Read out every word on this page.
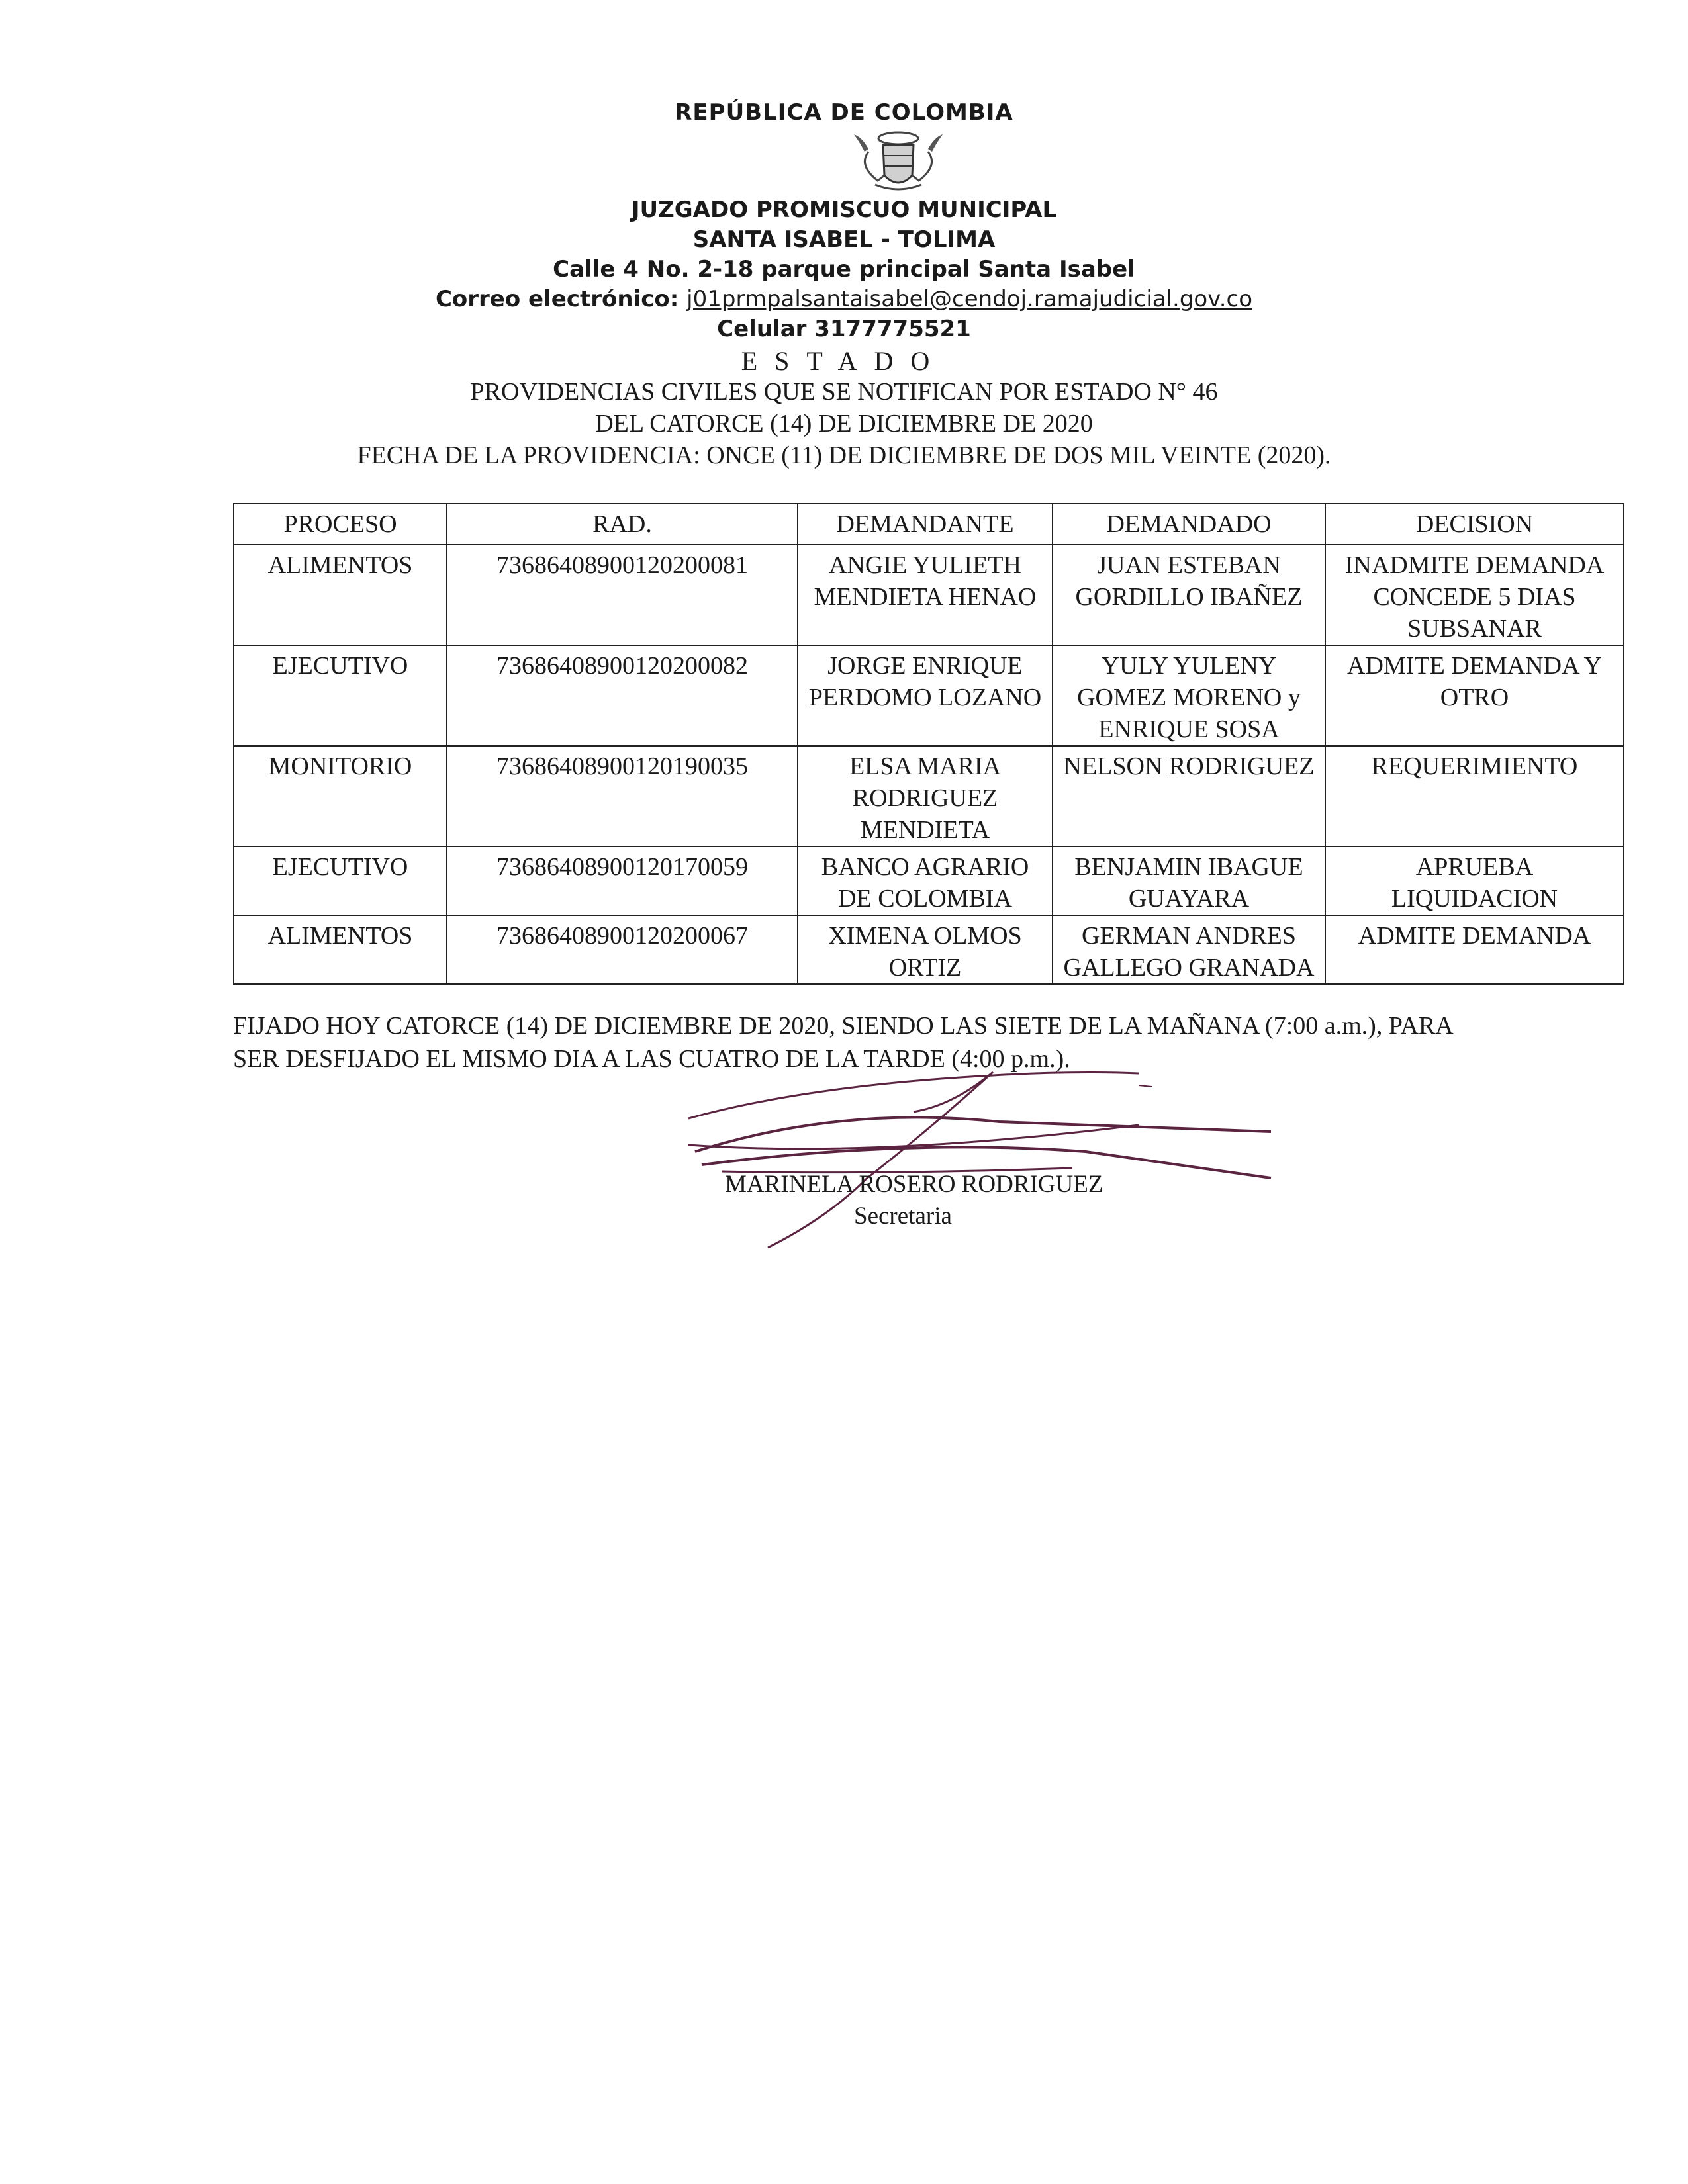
REPÚBLICA DE COLOMBIA
JUZGADO PROMISCUO MUNICIPAL
SANTA ISABEL - TOLIMA
Calle 4 No. 2-18 parque principal Santa Isabel
Correo electrónico: j01prmpalsantaisabel@cendoj.ramajudicial.gov.co
Celular 3177775521
ESTADO
PROVIDENCIAS CIVILES QUE SE NOTIFICAN POR ESTADO N° 46
DEL CATORCE (14) DE DICIEMBRE DE 2020
FECHA DE LA PROVIDENCIA: ONCE (11) DE DICIEMBRE DE DOS MIL VEINTE (2020).
PROCESO	RAD.	DEMANDANTE	DEMANDADO	DECISION
ALIMENTOS	73686408900120200081	ANGIE YULIETH MENDIETA HENAO	JUAN ESTEBAN GORDILLO IBAÑEZ	INADMITE DEMANDA CONCEDE 5 DIAS SUBSANAR
EJECUTIVO	73686408900120200082	JORGE ENRIQUE PERDOMO LOZANO	YULY YULENY GOMEZ MORENO y ENRIQUE SOSA	ADMITE DEMANDA Y OTRO
MONITORIO	73686408900120190035	ELSA MARIA RODRIGUEZ MENDIETA	NELSON RODRIGUEZ	REQUERIMIENTO
EJECUTIVO	73686408900120170059	BANCO AGRARIO DE COLOMBIA	BENJAMIN IBAGUE GUAYARA	APRUEBA LIQUIDACION
ALIMENTOS	73686408900120200067	XIMENA OLMOS ORTIZ	GERMAN ANDRES GALLEGO GRANADA	ADMITE DEMANDA
FIJADO HOY CATORCE (14) DE DICIEMBRE DE 2020, SIENDO LAS SIETE DE LA MAÑANA (7:00 a.m.), PARA
SER DESFIJADO EL MISMO DIA A LAS CUATRO DE LA TARDE (4:00 p.m.).
MARINELA ROSERO RODRIGUEZ
Secretaria
